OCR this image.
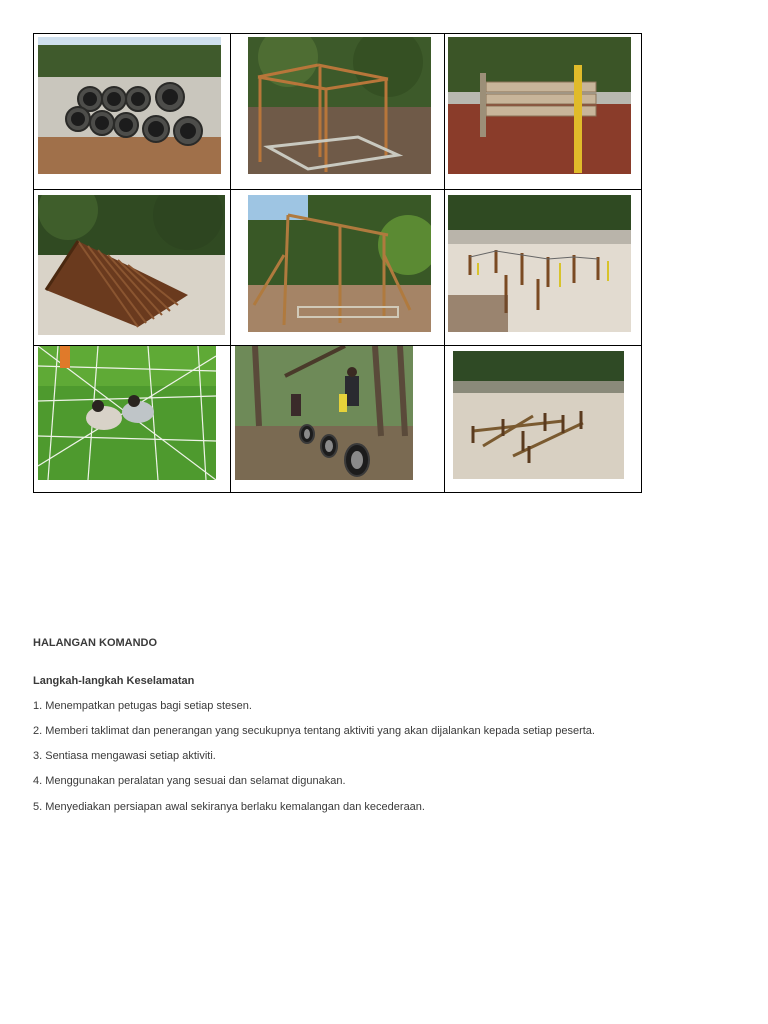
HALANGAN KOMANDO
Langkah-langkah Keselamatan
1. Menempatkan petugas bagi setiap stesen.
2. Memberi taklimat dan penerangan yang secukupnya tentang aktiviti yang akan dijalankan kepada setiap peserta.
3. Sentiasa mengawasi setiap aktiviti.
4. Menggunakan peralatan yang sesuai dan selamat digunakan.
5. Menyediakan persiapan awal sekiranya berlaku kemalangan dan kecederaan.
